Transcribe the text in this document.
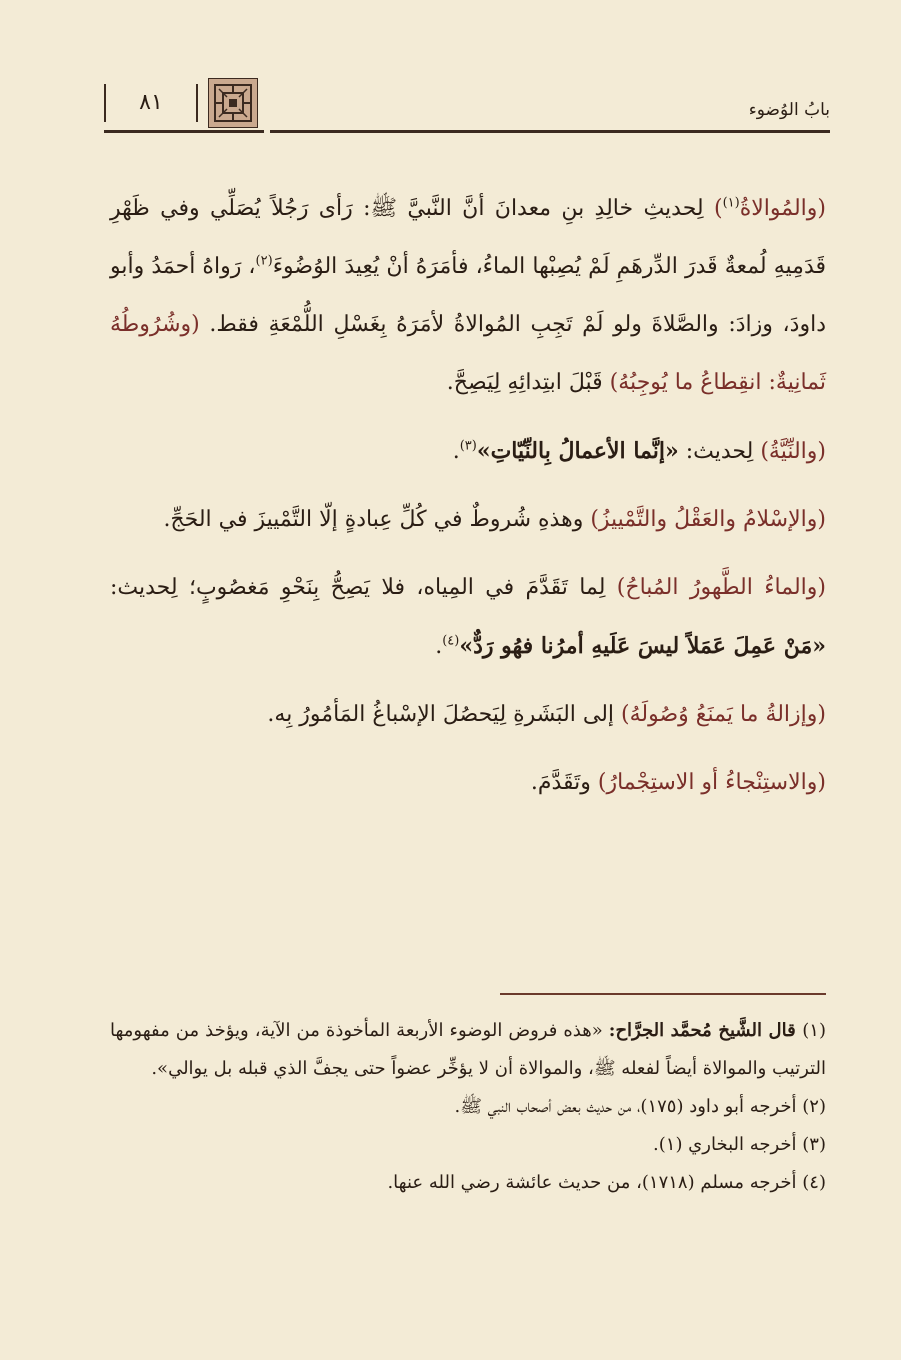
بابُ الوُضوء
٨١

(والمُوالاةُ$^{(١)}$) لِحديثِ خالِدِ بنِ معدانَ أنَّ النَّبيَّ ﷺ: رَأى رَجُلاً يُصَلِّي وفي ظَهْرِ قَدَمِيهِ لُمعةٌ قَدرَ الدِّرهَمِ لَمْ يُصِبْها الماءُ، فأمَرَهُ أنْ يُعِيدَ الوُضُوءَ$^{(٢)}$، رَواهُ أحمَدُ وأبو داودَ، وزادَ: والصَّلاةَ ولو لَمْ تَجِبِ المُوالاةُ لأمَرَهُ بِغَسْلِ اللُّمْعَةِ فقط. (وشُرُوطُهُ ثَمانِيةٌ: انقِطاعُ ما يُوجِبُهُ) قَبْلَ ابتِدائِهِ لِيَصِحَّ.

(والنِّيَّةُ) لِحديث: «إنَّما الأعمالُ بِالنِّيّاتِ»$^{(٣)}$.

(والإسْلامُ والعَقْلُ والتَّمْييزُ) وهذهِ شُروطٌ في كُلِّ عِبادةٍ إلّا التَّمْييزَ في الحَجِّ.

(والماءُ الطَّهورُ المُباحُ) لِما تَقَدَّمَ في المِياه، فلا يَصِحُّ بِنَحْوِ مَغصُوبٍ؛ لِحديث: «مَنْ عَمِلَ عَمَلاً ليسَ عَلَيهِ أمرُنا فهُو رَدٌّ»$^{(٤)}$.

(وإزالةُ ما يَمنَعُ وُصُولَهُ) إلى البَشَرةِ لِيَحصُلَ الإسْباغُ المَأمُورُ بِه.

(والاستِنْجاءُ أو الاستِجْمارُ) وتَقَدَّمَ.

(١) قال الشَّيخ مُحمَّد الجرَّاح: «هذه فروض الوضوء الأربعة المأخوذة من الآية، ويؤخذ من مفهومها الترتيب والموالاة أيضاً لفعله ﷺ، والموالاة أن لا يؤخِّر عضواً حتى يجفَّ الذي قبله بل يوالي».

(٢) أخرجه أبو داود (١٧٥)، من حديث بعض أصحاب النبي ﷺ.

(٣) أخرجه البخاري (١).

(٤) أخرجه مسلم (١٧١٨)، من حديث عائشة رضي الله عنها.
